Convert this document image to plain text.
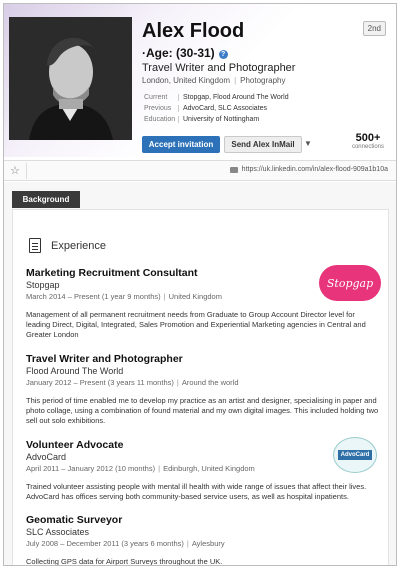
Alex Flood	2nd
·Age: (30-31) ?
Travel Writer and Photographer
London, United Kingdom | Photography
Current	Stopgap, Flood Around The World
Previous	AdvoCard, SLC Associates
Education	University of Nottingham
Accept invitation	Send Alex InMail	▼	500+
connections
☆	https://uk.linkedin.com/in/alex-flood-909a1b10a
Background
Experience
Marketing Recruitment Consultant
Stopgap
March 2014 – Present (1 year 9 months) | United Kingdom
Management of all permanent recruitment needs from Graduate to Group Account Director level for leading Direct, Digital, Integrated, Sales Promotion and Experiential Marketing agencies in Central and Greater London
Stopgap
Travel Writer and Photographer
Flood Around The World
January 2012 – Present (3 years 11 months) | Around the world
This period of time enabled me to develop my practice as an artist and designer, specialising in paper and photo collage, using a combination of found material and my own digital images. This included holding two sell out solo exhibitions.
Volunteer Advocate
AdvoCard
April 2011 – January 2012 (10 months) | Edinburgh, United Kingdom
Trained volunteer assisting people with mental ill health with wide range of issues that affect their lives. AdvoCard has offices serving both community-based service users, as well as hospital inpatients.
AdvoCard
Geomatic Surveyor
SLC Associates
July 2008 – December 2011 (3 years 6 months) | Aylesbury
Collecting GPS data for Airport Surveys throughout the UK.
